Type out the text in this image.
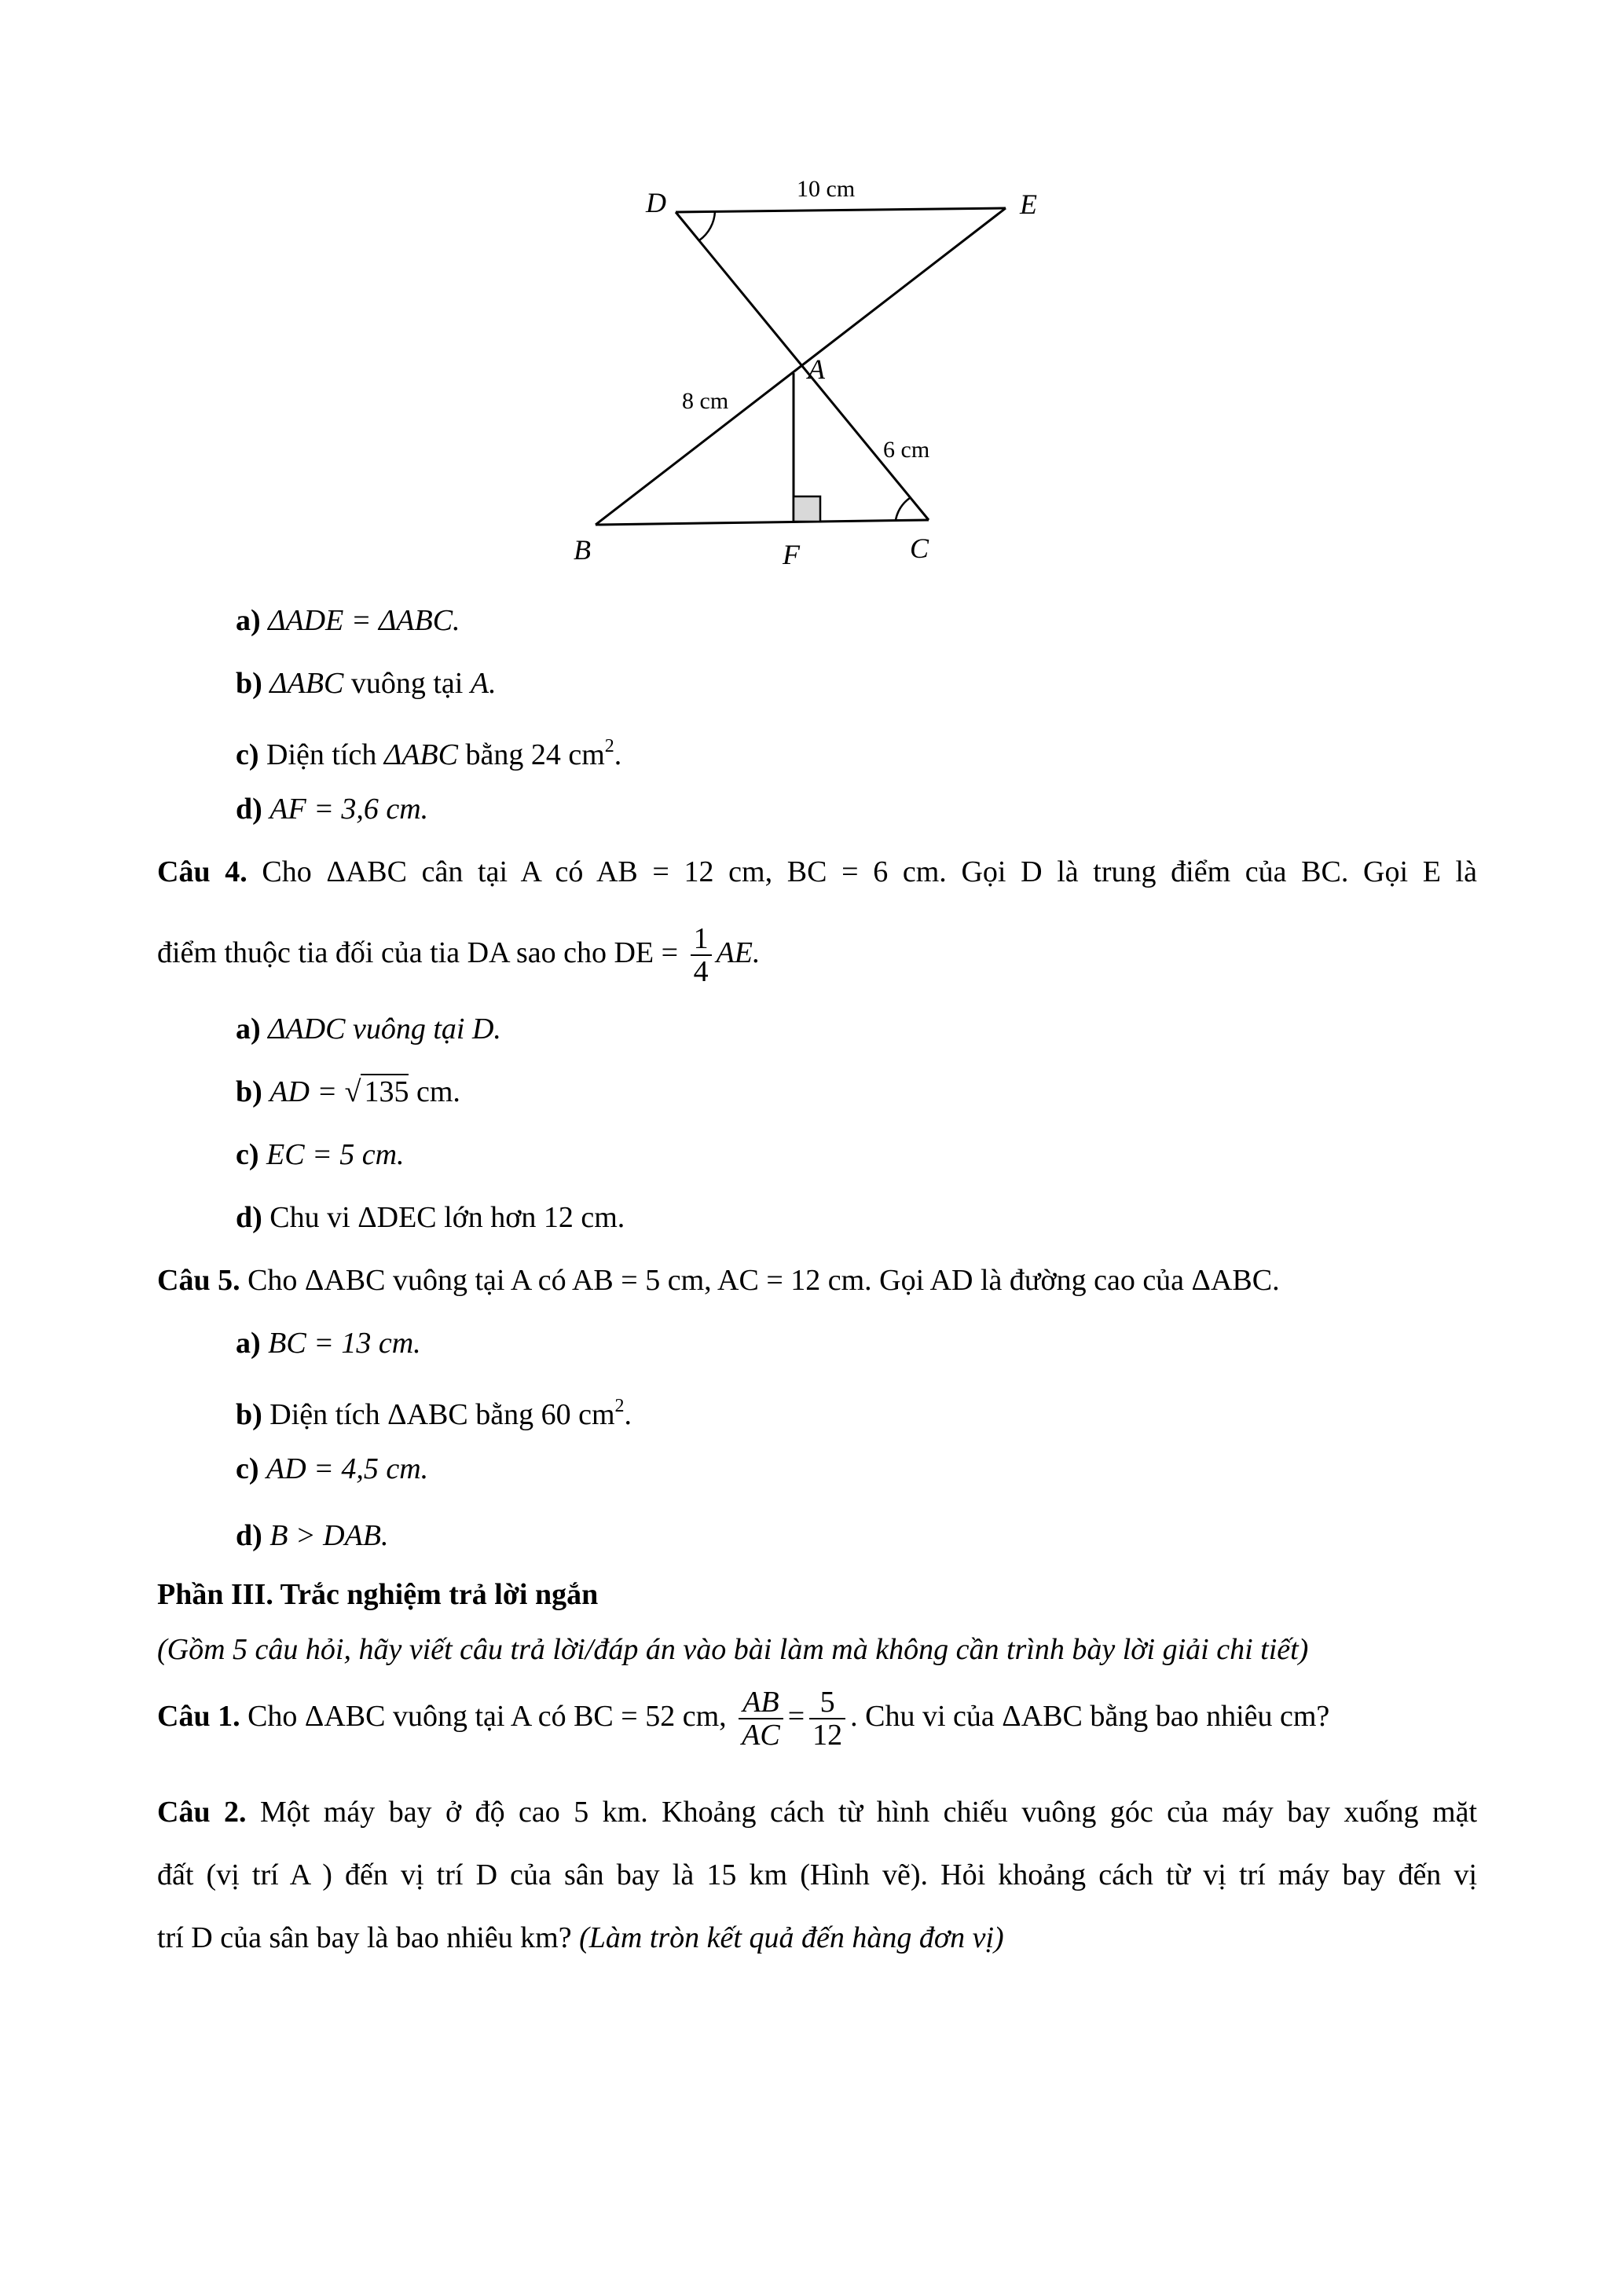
D	E
A
B	F	C
10 cm
8 cm
6 cm
a) ΔADE = ΔABC.
b) ΔABC vuông tại A.
c) Diện tích ΔABC bằng 24 $cm^2$.
d) AF = 3,6 cm.
Câu 4. Cho ΔABC cân tại A có AB = 12 cm, BC = 6 cm. Gọi D là trung điểm của BC. Gọi E là
điểm thuộc tia đối của tia DA sao cho DE = $\frac{1}{4}$ AE.
a) ΔADC vuông tại D.
b) AD = √ 135 cm.
c) EC = 5 cm.
d) Chu vi ΔDEC lớn hơn 12 cm.
Câu 5. Cho ΔABC vuông tại A có AB = 5 cm, AC = 12 cm. Gọi AD là đường cao của ΔABC.
a) BC = 13 cm.
b) Diện tích ΔABC bằng 60 $cm^2$.
c) AD = 4,5 cm.
d) B > DAB.
Phần III. Trắc nghiệm trả lời ngắn
(Gồm 5 câu hỏi, hãy viết câu trả lời/đáp án vào bài làm mà không cần trình bày lời giải chi tiết)
Câu 1. Cho ΔABC vuông tại A có BC = 52 cm, $\frac{AB}{AC} = \frac{5}{12}$ . Chu vi của ΔABC bằng bao nhiêu cm?
Câu 2. Một máy bay ở độ cao 5 km. Khoảng cách từ hình chiếu vuông góc của máy bay xuống mặt
đất (vị trí A ) đến vị trí D của sân bay là 15 km (Hình vẽ). Hỏi khoảng cách từ vị trí máy bay đến vị
trí D của sân bay là bao nhiêu km? (Làm tròn kết quả đến hàng đơn vị)
